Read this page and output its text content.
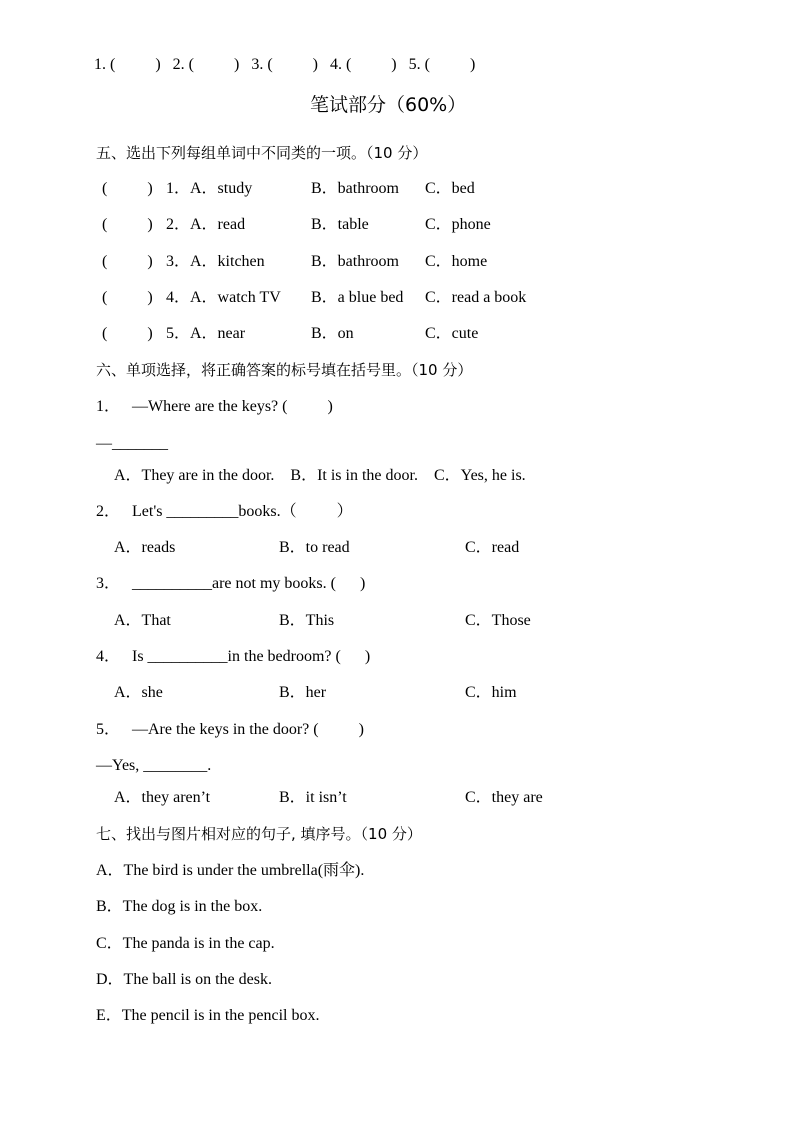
1. (          )   2. (          )   3. (          )   4. (          )   5. (          )
笔试部分（60%）
五、选出下列每组单词中不同类的一项。（10 分）
(          ) 1．A．study	B．bathroom C．bed
(          ) 2．A．read	B．table	C．phone
(          ) 3．A．kitchen	B．bathroom C．home
(          ) 4．A．watch TV B．a blue bed C．read a book
(          ) 5．A．near	B．on	C．cute
六、单项选择，将正确答案的标号填在括号里。（10 分）
1．   —Where are the keys? (          )
—_______
A．They are in the door.    B．It is in the door.    C．Yes, he is.
2．   Let's _________books.（          ）
A．reads	B．to read	C．read
3．   __________are not my books. (      )
A．That	B．This	C．Those
4．   Is __________in the bedroom? (      )
A．she	B．her	C．him
5．   —Are the keys in the door? (          )
—Yes, ________.
A．they aren’t	B．it isn’t	C．they are
七、找出与图片相对应的句子, 填序号。（10 分）
A．The bird is under the umbrella(雨伞).
B．The dog is in the box.
C．The panda is in the cap.
D．The ball is on the desk.
E．The pencil is in the pencil box.
